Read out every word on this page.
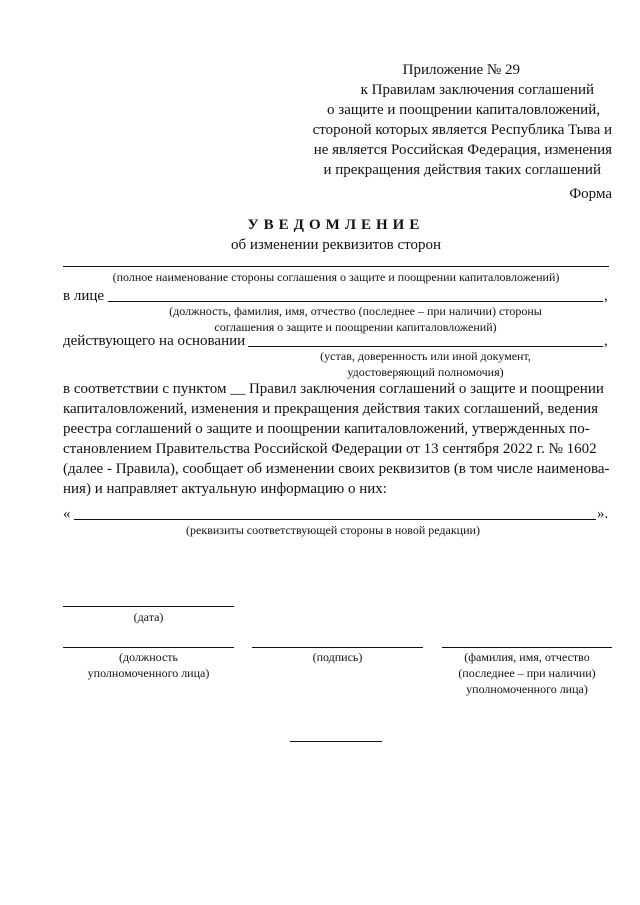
Приложение № 29
к Правилам заключения соглашений
о защите и поощрении капиталовложений,
стороной которых является Республика Тыва и
не является Российская Федерация, изменения
и прекращения действия таких соглашений
Форма
УВЕДОМЛЕНИЕ
об изменении реквизитов сторон
(полное наименование стороны соглашения о защите и поощрении капиталовложений)
в лице	,
(должность, фамилия, имя, отчество (последнее – при наличии) стороны
соглашения о защите и поощрении капиталовложений)
действующего на основании	,
(устав, доверенность или иной документ,
удостоверяющий полномочия)
в соответствии с пунктом __ Правил заключения соглашений о защите и поощрении
капиталовложений, изменения и прекращения действия таких соглашений, ведения
реестра соглашений о защите и поощрении капиталовложений, утвержденных по-
становлением Правительства Российской Федерации от 13 сентября 2022 г. № 1602
(далее - Правила), сообщает об изменении своих реквизитов (в том числе наименова-
ния) и направляет актуальную информацию о них:
«	».
(реквизиты соответствующей стороны в новой редакции)
(дата)
(должность
уполномоченного лица)
(подпись)	(фамилия, имя, отчество
(последнее – при наличии)
уполномоченного лица)
